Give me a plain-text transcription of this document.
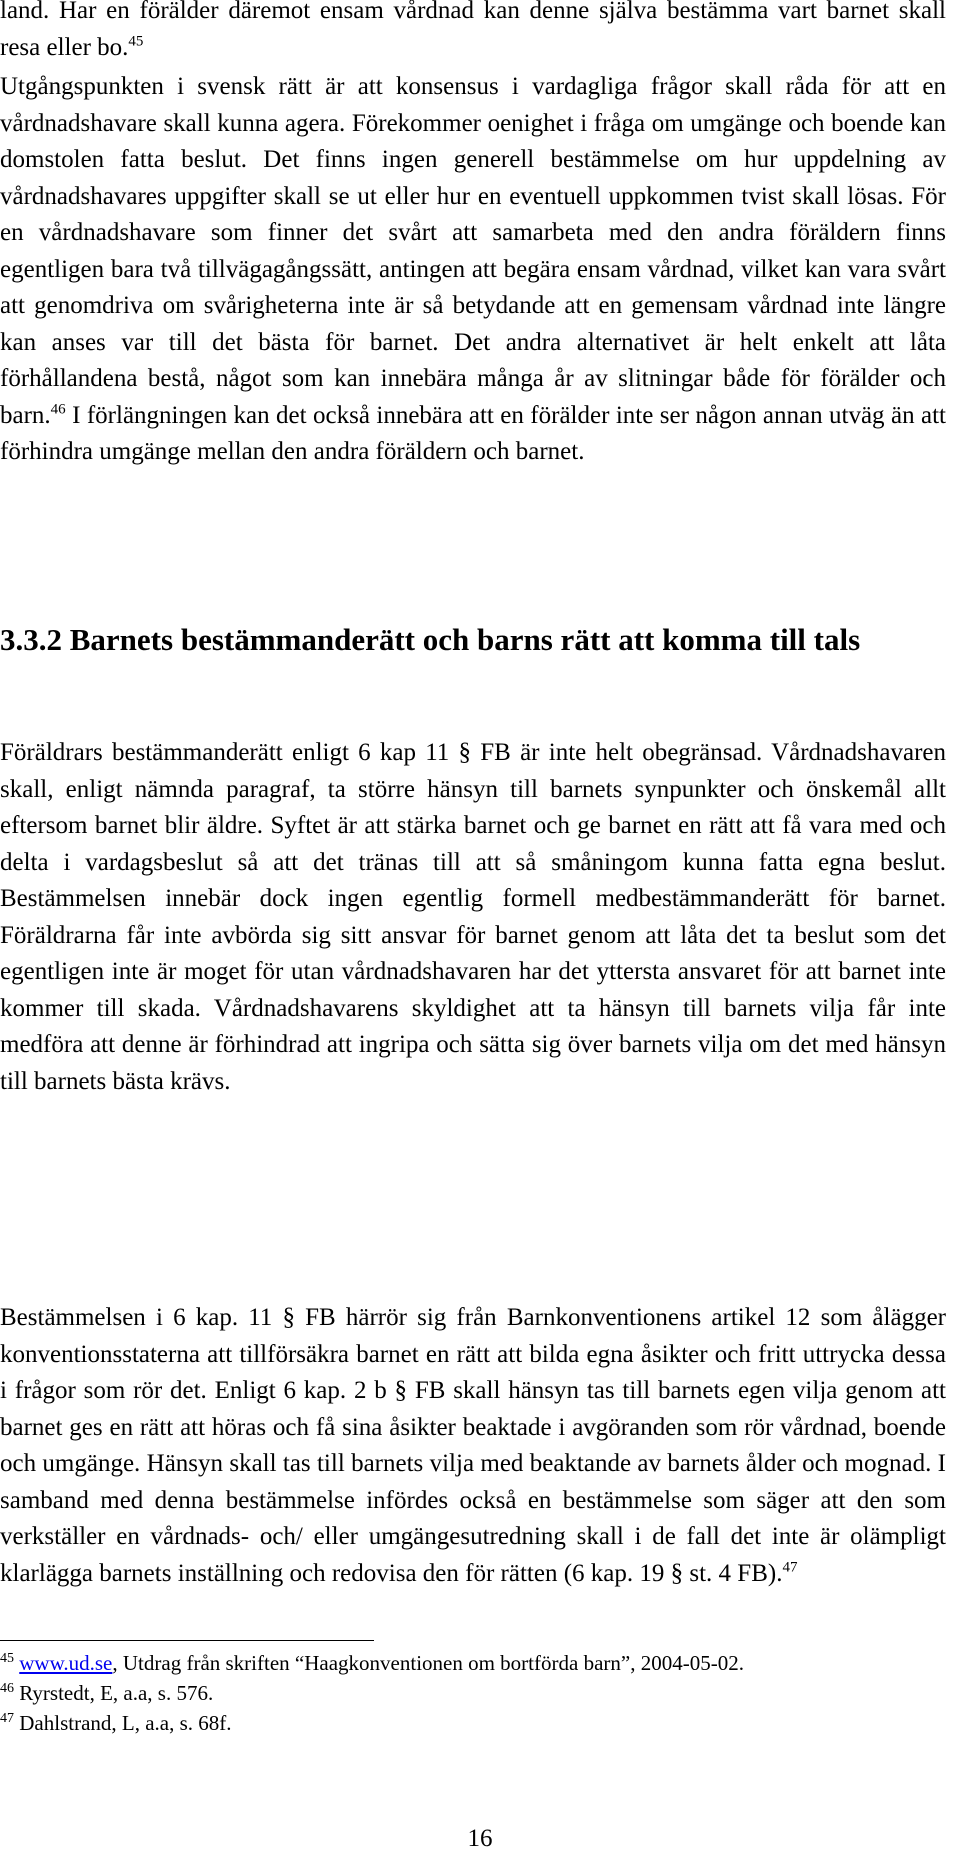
land. Har en förälder däremot ensam vårdnad kan denne själva bestämma vart barnet skall resa eller bo.$^{45}$

Utgångspunkten i svensk rätt är att konsensus i vardagliga frågor skall råda för att en vårdnadshavare skall kunna agera. Förekommer oenighet i fråga om umgänge och boende kan domstolen fatta beslut. Det finns ingen generell bestämmelse om hur uppdelning av vårdnadshavares uppgifter skall se ut eller hur en eventuell uppkommen tvist skall lösas. För en vårdnadshavare som finner det svårt att samarbeta med den andra föräldern finns egentligen bara två tillvägagångssätt, antingen att begära ensam vårdnad, vilket kan vara svårt att genomdriva om svårigheterna inte är så betydande att en gemensam vårdnad inte längre kan anses var till det bästa för barnet. Det andra alternativet är helt enkelt att låta förhållandena bestå, något som kan innebära många år av slitningar både för förälder och barn.$^{46}$ I förlängningen kan det också innebära att en förälder inte ser någon annan utväg än att förhindra umgänge mellan den andra föräldern och barnet.

3.3.2 Barnets bestämmanderätt och barns rätt att komma till tals

Föräldrars bestämmanderätt enligt 6 kap 11 § FB är inte helt obegränsad. Vårdnadshavaren skall, enligt nämnda paragraf, ta större hänsyn till barnets synpunkter och önskemål allt eftersom barnet blir äldre. Syftet är att stärka barnet och ge barnet en rätt att få vara med och delta i vardagsbeslut så att det tränas till att så småningom kunna fatta egna beslut. Bestämmelsen innebär dock ingen egentlig formell medbestämmanderätt för barnet. Föräldrarna får inte avbörda sig sitt ansvar för barnet genom att låta det ta beslut som det egentligen inte är moget för utan vårdnadshavaren har det yttersta ansvaret för att barnet inte kommer till skada. Vårdnadshavarens skyldighet att ta hänsyn till barnets vilja får inte medföra att denne är förhindrad att ingripa och sätta sig över barnets vilja om det med hänsyn till barnets bästa krävs.

Bestämmelsen i 6 kap. 11 § FB härrör sig från Barnkonventionens artikel 12 som ålägger konventionsstaterna att tillförsäkra barnet en rätt att bilda egna åsikter och fritt uttrycka dessa i frågor som rör det. Enligt 6 kap. 2 b § FB skall hänsyn tas till barnets egen vilja genom att barnet ges en rätt att höras och få sina åsikter beaktade i avgöranden som rör vårdnad, boende och umgänge. Hänsyn skall tas till barnets vilja med beaktande av barnets ålder och mognad. I samband med denna bestämmelse infördes också en bestämmelse som säger att den som verkställer en vårdnads- och/ eller umgängesutredning skall i de fall det inte är olämpligt klarlägga barnets inställning och redovisa den för rätten (6 kap. 19 § st. 4 FB).$^{47}$

$^{45}$ www.ud.se, Utdrag från skriften “Haagkonventionen om bortförda barn”, 2004-05-02.

$^{46}$ Ryrstedt, E, a.a, s. 576.

$^{47}$ Dahlstrand, L, a.a, s. 68f.

16
